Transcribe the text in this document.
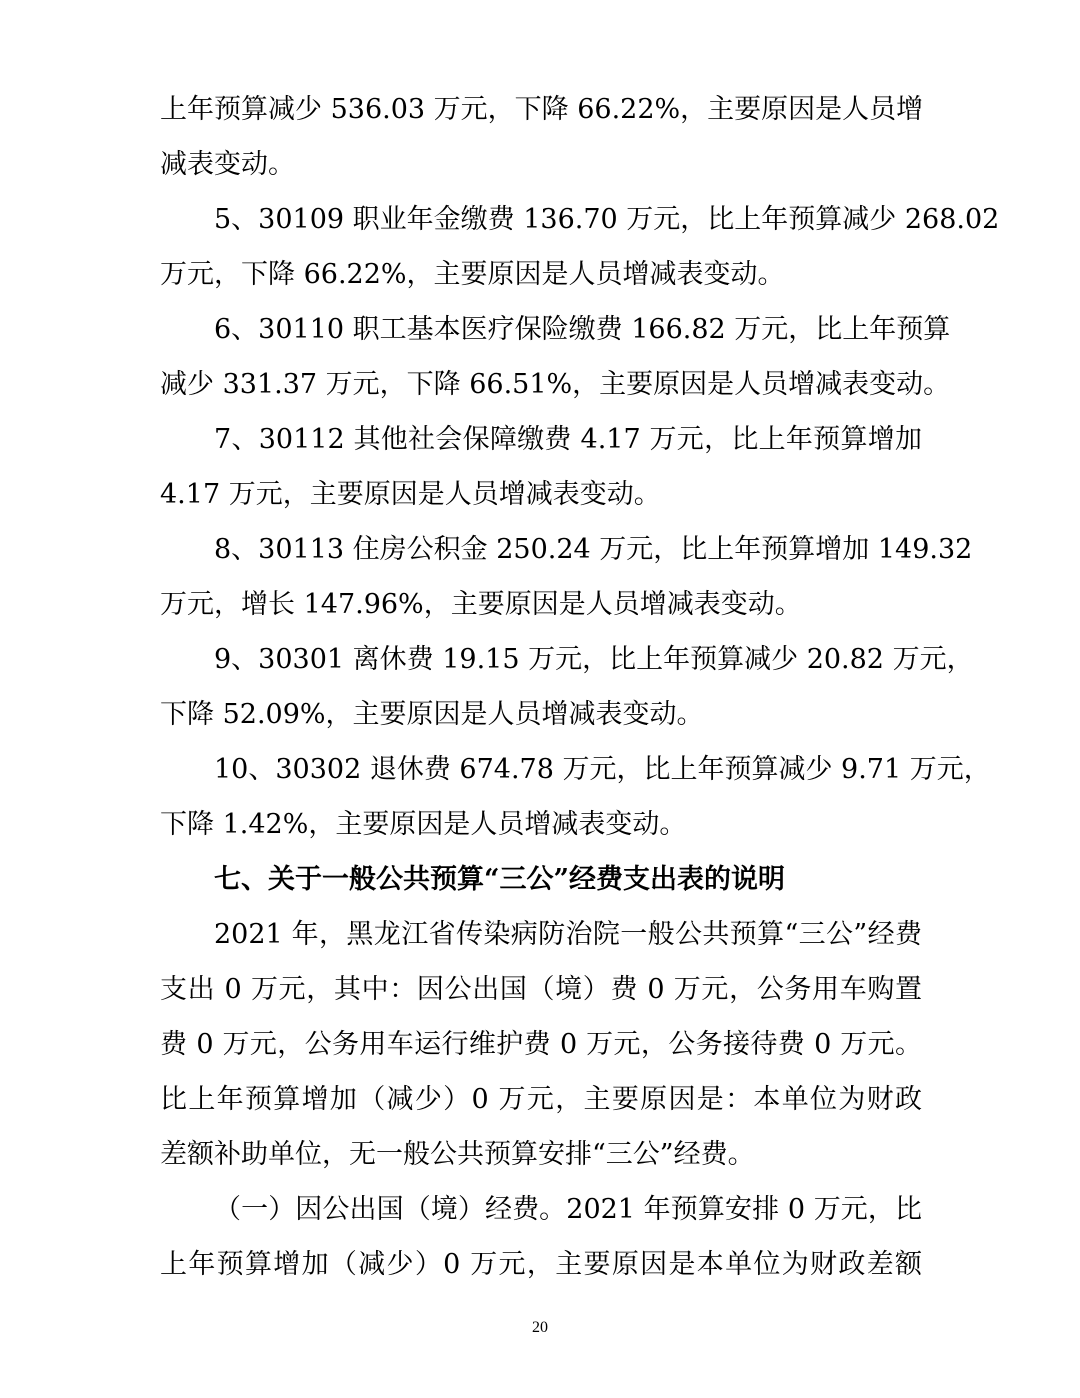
上年预算减少 536.03 万元，下降 66.22%，主要原因是人员增
减表变动。
5、30109 职业年金缴费 136.70 万元，比上年预算减少 268.02
万元，下降 66.22%，主要原因是人员增减表变动。
6、30110 职工基本医疗保险缴费 166.82 万元，比上年预算
减少 331.37 万元，下降 66.51%，主要原因是人员增减表变动。
7、30112 其他社会保障缴费 4.17 万元，比上年预算增加
4.17 万元，主要原因是人员增减表变动。
8、30113 住房公积金 250.24 万元，比上年预算增加 149.32
万元，增长 147.96%，主要原因是人员增减表变动。
9、30301 离休费 19.15 万元，比上年预算减少 20.82 万元，
下降 52.09%，主要原因是人员增减表变动。
10、30302 退休费 674.78 万元，比上年预算减少 9.71 万元，
下降 1.42%，主要原因是人员增减表变动。
七、关于一般公共预算“三公”经费支出表的说明
2021 年，黑龙江省传染病防治院一般公共预算“三公”经费
支出 0 万元，其中：因公出国（境）费 0 万元，公务用车购置
费 0 万元，公务用车运行维护费 0 万元，公务接待费 0 万元。
比上年预算增加（减少）0 万元，主要原因是：本单位为财政
差额补助单位，无一般公共预算安排“三公”经费。
（一）因公出国（境）经费。2021 年预算安排 0 万元，比
上年预算增加（减少）0 万元，主要原因是本单位为财政差额
20
